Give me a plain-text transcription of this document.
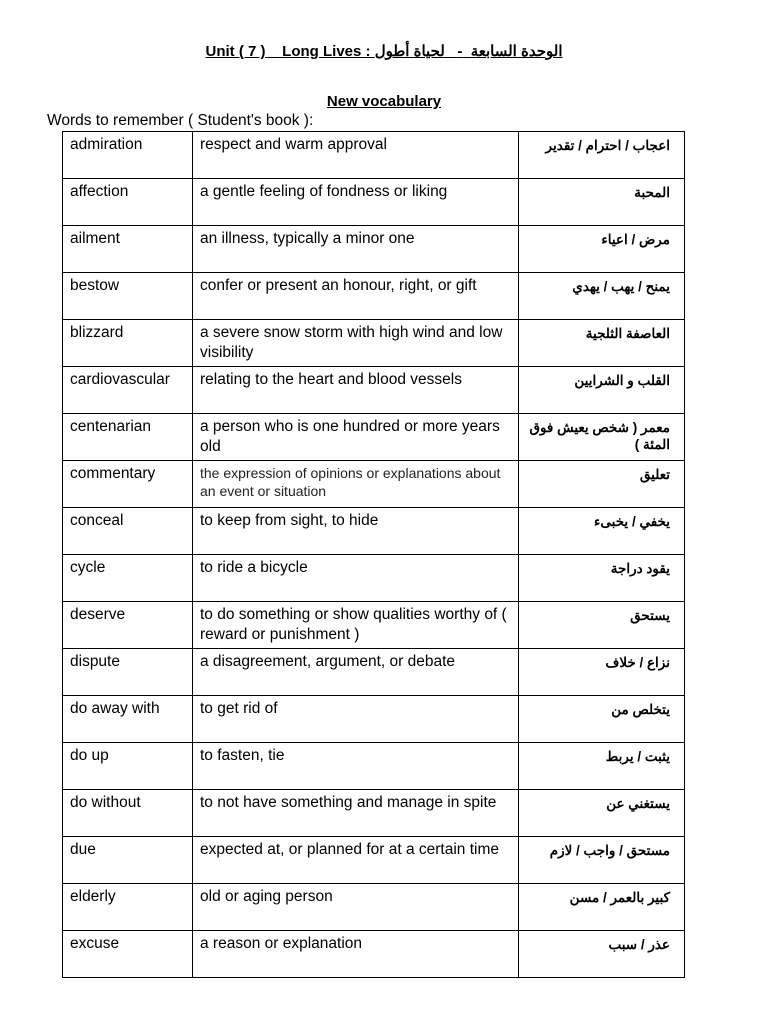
Unit ( 7 ) Long Lives : لحياة أطول - الوحدة السابعة
New vocabulary
Words to remember ( Student's book ):
admiration	respect and warm approval	اعجاب / احترام / تقدير
affection	a gentle feeling of fondness or liking	المحبة
ailment	an illness, typically a minor one	مرض / اعياء
bestow	confer or present an honour, right, or gift	يمنح / يهب / يهدي
blizzard	a severe snow storm with high wind and low visibility	العاصفة الثلجية
cardiovascular	relating to the heart and blood vessels	القلب و الشرايين
centenarian	a person who is one hundred or more years old	معمر ( شخص يعيش فوق المئة )
commentary	the expression of opinions or explanations about an event or situation	تعليق
conceal	to keep from sight, to hide	يخفي / يخبىء
cycle	to ride a bicycle	يقود دراجة
deserve	to do something or show qualities worthy of ( reward or punishment )	يستحق
dispute	a disagreement, argument, or debate	نزاع / خلاف
do away with	to get rid of	يتخلص من
do up	to fasten, tie	يثبت / يربط
do without	to not have something and manage in spite	يستغني عن
due	expected at, or planned for at a certain time	مستحق / واجب / لازم
elderly	old or aging person	كبير بالعمر / مسن
excuse	a reason or explanation	عذر / سبب
